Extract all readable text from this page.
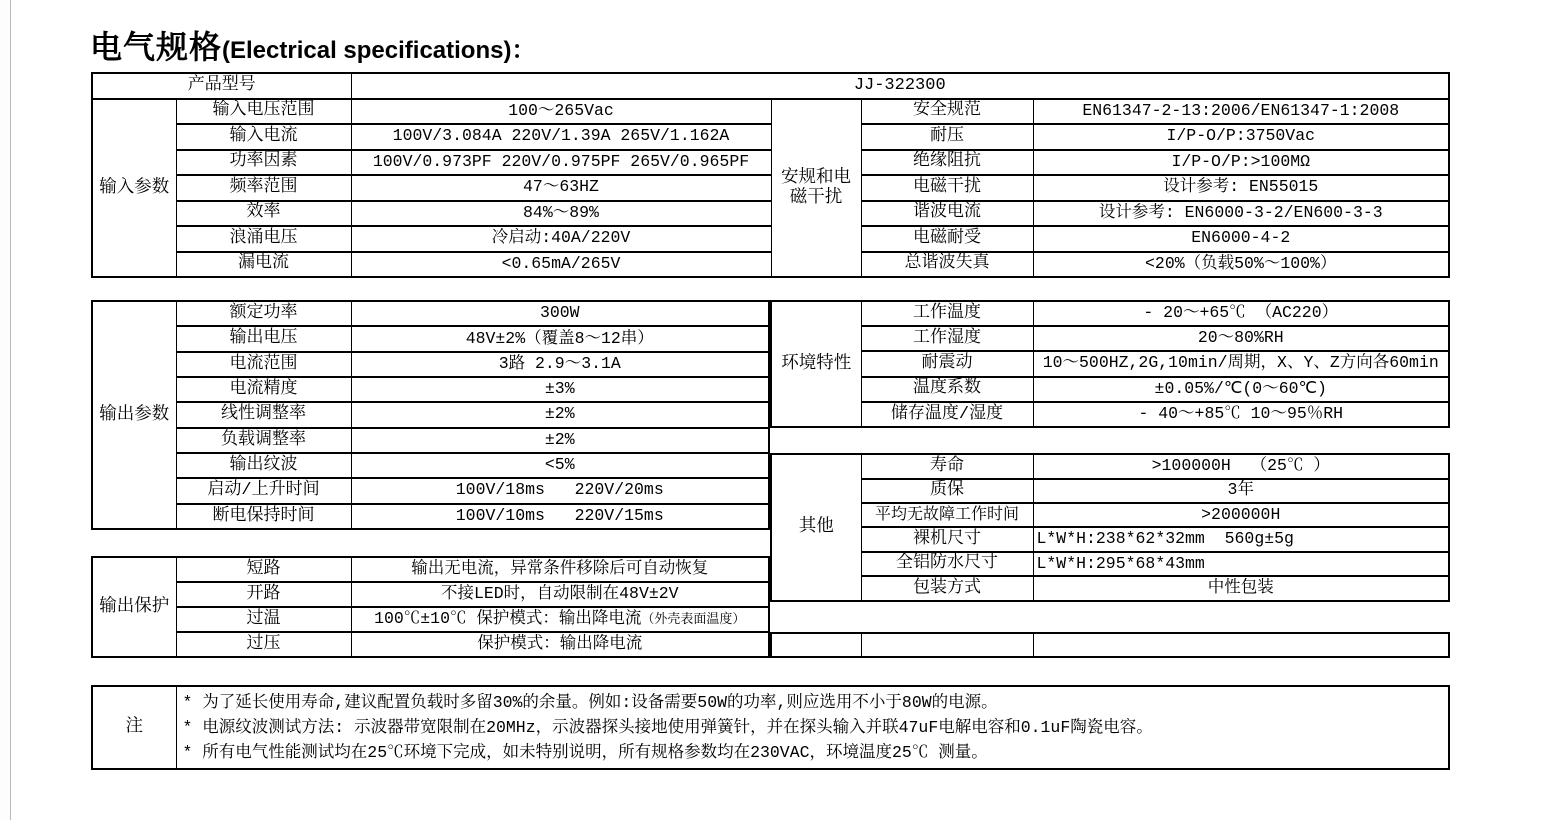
电气规格(Electrical specifications)：
产品型号		JJ-322300			
输入参数	输入电压范围	100～265Vac	安规和电磁干扰	安全规范	EN61347-2-13:2006/EN61347-1:2008
	输入电流	100V/3.084A 220V/1.39A 265V/1.162A		耐压	I/P-O/P:3750Vac
	功率因素	100V/0.973PF 220V/0.975PF 265V/0.965PF		绝缘阻抗	I/P-O/P:>100MΩ
	频率范围	47～63HZ		电磁干扰	设计参考: EN55015
	效率	84%～89%		谐波电流	设计参考: EN6000-3-2/EN600-3-3
	浪涌电压	冷启动:40A/220V		电磁耐受	EN6000-4-2
	漏电流	<0.65mA/265V		总谐波失真	<20%（负载50%～100%）
输出参数	额定功率	300W
	输出电压	48V±2%（覆盖8～12串）
	电流范围	3路 2.9～3.1A
	电流精度	±3%
	线性调整率	±2%
	负载调整率	±2%
	输出纹波	<5%
	启动/上升时间	100V/18ms   220V/20ms
	断电保持时间	100V/10ms   220V/15ms
环境特性	工作温度	- 20～+65℃ （AC220）
	工作湿度	20～80%RH
	耐震动	10～500HZ,2G,10min/周期，X、Y、Z方向各60min
	温度系数	±0.05%/℃(0～60℃)
	储存温度/湿度	- 40～+85℃ 10～95％RH
其他	寿命	>100000H  （25℃ ）
	质保	3年
	平均无故障工作时间	>200000H
	裸机尺寸	L*W*H:238*62*32mm  560g±5g
	全铝防水尺寸	L*W*H:295*68*43mm
	包装方式	中性包装
输出保护	短路	输出无电流，异常条件移除后可自动恢复
	开路	不接LED时，自动限制在48V±2V
	过温	100℃±10℃ 保护模式：输出降电流（外壳表面温度）
	过压	保护模式：输出降电流

注	
* 为了延长使用寿命,建议配置负载时多留30%的余量。例如:设备需要50W的功率,则应选用不小于80W的电源。
* 电源纹波测试方法: 示波器带宽限制在20MHz，示波器探头接地使用弹簧针，并在探头输入并联47uF电解电容和0.1uF陶瓷电容。
* 所有电气性能测试均在25℃环境下完成，如未特别说明，所有规格参数均在230VAC，环境温度25℃ 测量。
